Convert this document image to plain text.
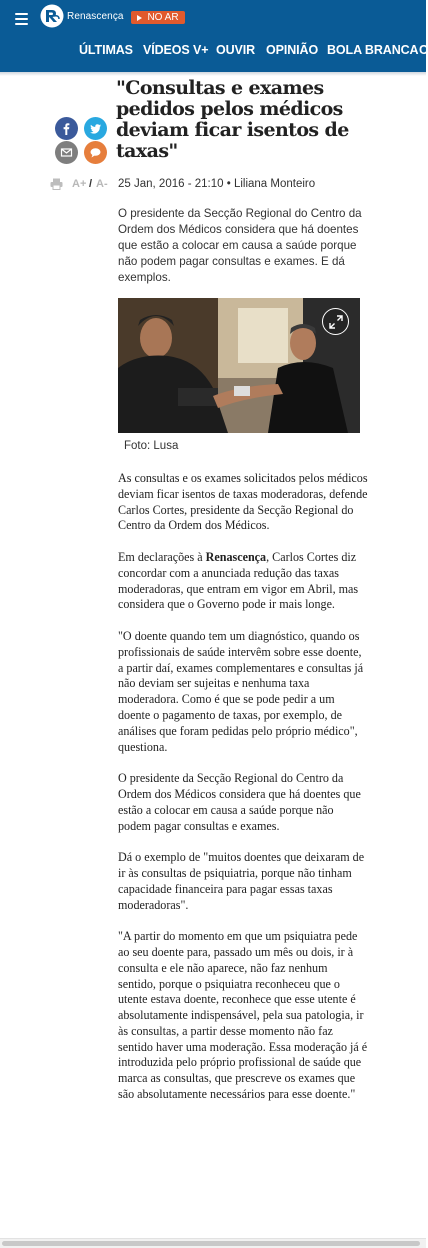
Renascença NO AR
ÚLTIMAS VÍDEOS V+ OUVIR OPINIÃO BOLA BRANCA C
"Consultas e exames pedidos pelos médicos deviam ficar isentos de taxas"
A+ / A- 25 Jan, 2016 - 21:10 • Liliana Monteiro

O presidente da Secção Regional do Centro da Ordem dos Médicos considera que há doentes que estão a colocar em causa a saúde porque não podem pagar consultas e exames. E dá exemplos.

Foto: Lusa

As consultas e os exames solicitados pelos médicos deviam ficar isentos de taxas moderadoras, defende Carlos Cortes, presidente da Secção Regional do Centro da Ordem dos Médicos.

Em declarações à Renascença, Carlos Cortes diz concordar com a anunciada redução das taxas moderadoras, que entram em vigor em Abril, mas considera que o Governo pode ir mais longe.

"O doente quando tem um diagnóstico, quando os profissionais de saúde intervêm sobre esse doente, a partir daí, exames complementares e consultas já não deviam ser sujeitas e nenhuma taxa moderadora. Como é que se pode pedir a um doente o pagamento de taxas, por exemplo, de análises que foram pedidas pelo próprio médico", questiona.

O presidente da Secção Regional do Centro da Ordem dos Médicos considera que há doentes que estão a colocar em causa a saúde porque não podem pagar consultas e exames.

Dá o exemplo de "muitos doentes que deixaram de ir às consultas de psiquiatria, porque não tinham capacidade financeira para pagar essas taxas moderadoras".

"A partir do momento em que um psiquiatra pede ao seu doente para, passado um mês ou dois, ir à consulta e ele não aparece, não faz nenhum sentido, porque o psiquiatra reconheceu que o utente estava doente, reconhece que esse utente é absolutamente indispensável, pela sua patologia, ir às consultas, a partir desse momento não faz sentido haver uma moderação. Essa moderação já é introduzida pelo próprio profissional de saúde que marca as consultas, que prescreve os exames que são absolutamente necessários para esse doente."
